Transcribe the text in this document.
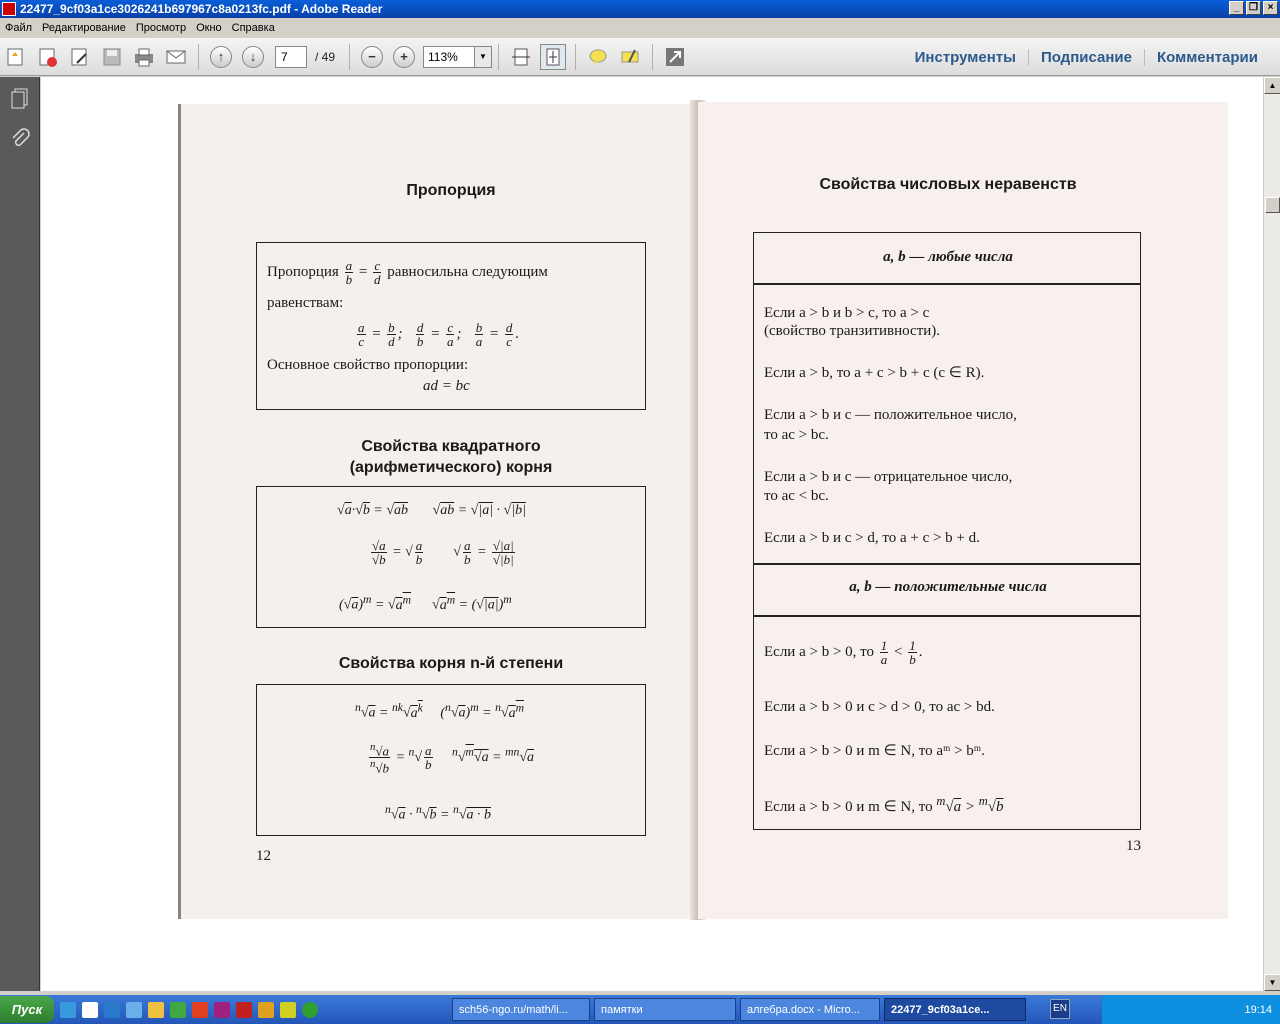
22477_9cf03a1ce3026241b697967c8a0213fc.pdf - Adobe Reader	_ ❐ ×
Файл Редактирование Просмотр Окно Справка
↑	↓	7	/ 49	−	+	113%	▼	Инструменты	Подписание	Комментарии
▲
▼
Пропорция
Пропорция $\frac{a}{b} = \frac{c}{d}$ равносильна следующим
равенствам:
$\frac{a}{c} = \frac{b}{d}$ ; $\frac{d}{b} = \frac{c}{a}$ ; $\frac{b}{a} = \frac{d}{c}$ .
Основное свойство пропорции:
ad = bc
Свойства квадратного (арифметического) корня
√a·√b = √ab       √ab = √|a| · √|b|
$\frac{√a}{√b}$ = √ $\frac{a}{b}$ √ $\frac{a}{b} = \frac{√|a|}{√|b|}$
$(√a)^m = √a^m$      $√a^m = (√|a|)^m$
Свойства корня n-й степени
$^n√a = ^{nk}√a^k$     $(^n√a)^m = ^n√a^m$
$\frac{^n√a}{^n√b} = ^n√ \frac{a}{b} ^n√^m√a = ^{mn}√a$
$^n$√a · $^n$√b = $^n$√a · b
12
Свойства числовых неравенств
a, b — любые числа
Если a > b и b > c, то a > c
(свойство транзитивности).
Если a > b, то a + c > b + c (c ∈ R).
Если a > b и c — положительное число,
то ac > bc.
Если a > b и c — отрицательное число,
то ac < bc.
Если a > b и c > d, то a + c > b + d.
a, b — положительные числа
Если a > b > 0, то $\frac{1}{a} < \frac{1}{b}$ .
Если a > b > 0 и c > d > 0, то ac > bd.
Если a > b > 0 и m ∈ N, то aᵐ > bᵐ.
Если a > b > 0 и m ∈ N, то $^m$√a > $^m$√b
13
Пуск	sch56-ngo.ru/math/li...	памятки	алгебра.docx - Micro...	22477_9cf03a1ce...	EN	19:14
